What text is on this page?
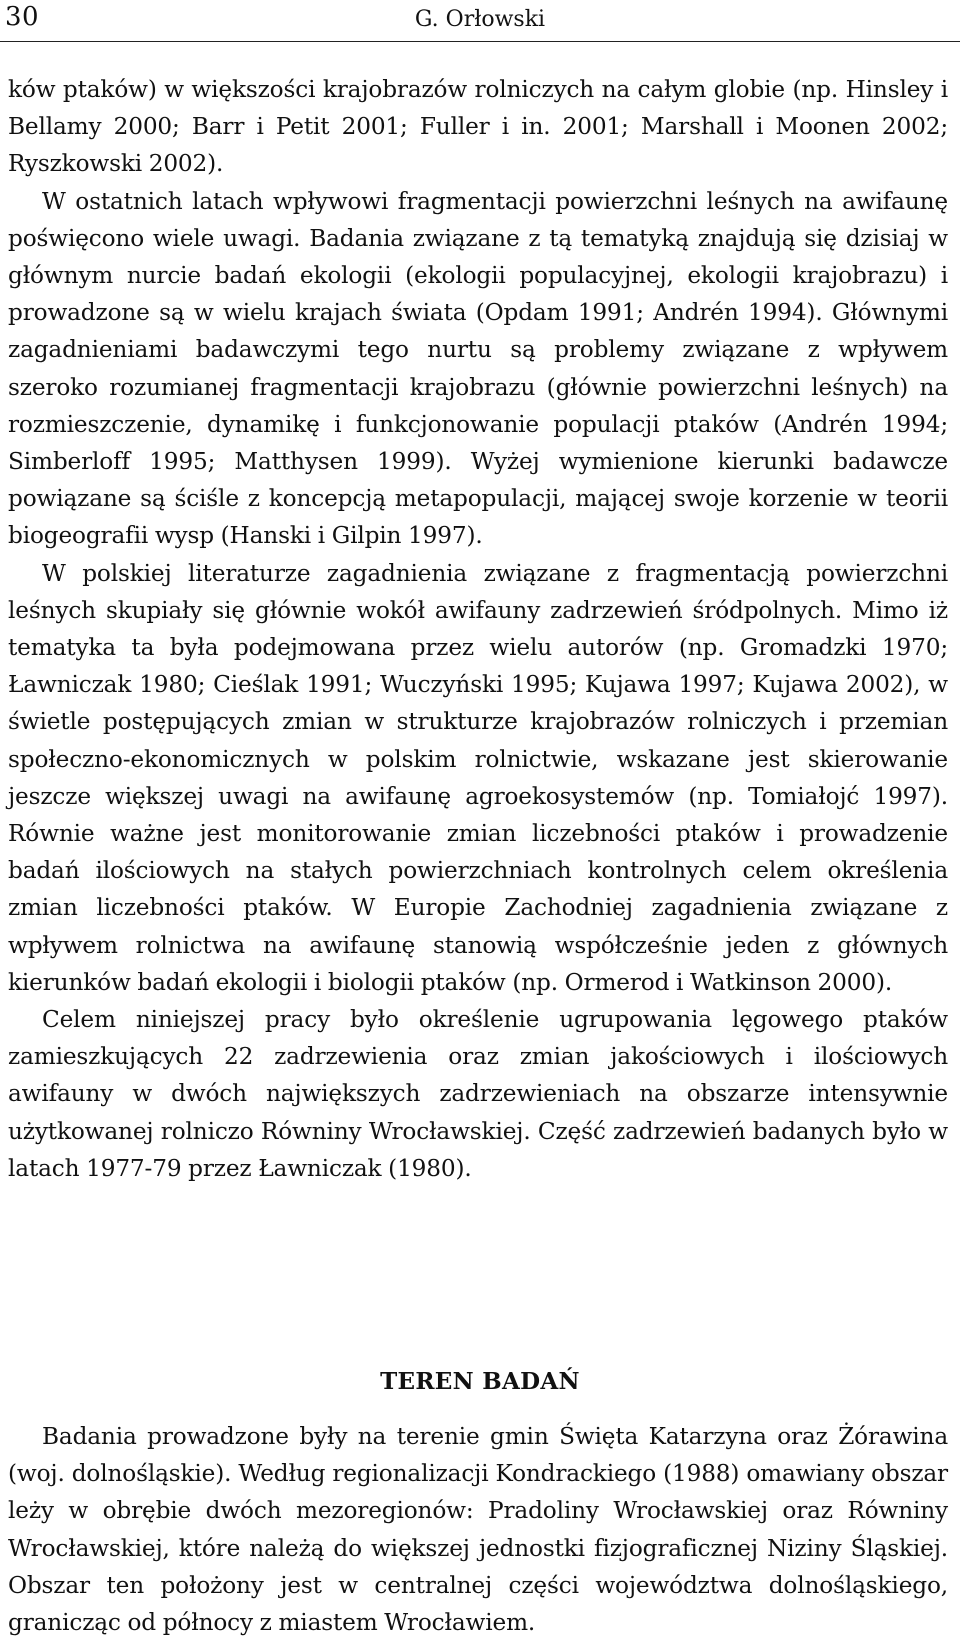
30	G. Orłowski

ków ptaków) w większości krajobrazów rolniczych na całym globie (np. Hinsley i Bellamy 2000; Barr i Petit 2001; Fuller i in. 2001; Marshall i Moonen 2002; Ryszkowski 2002).

W ostatnich latach wpływowi fragmentacji powierzchni leśnych na awifaunę poświęcono wiele uwagi. Badania związane z tą tematyką znajdują się dzisiaj w głównym nurcie badań ekologii (ekologii populacyjnej, ekologii krajobrazu) i prowadzone są w wielu krajach świata (Opdam 1991; Andrén 1994). Głównymi zagadnieniami badawczymi tego nurtu są problemy związane z wpływem szeroko rozumianej fragmentacji krajobrazu (głównie powierzchni leśnych) na rozmieszczenie, dynamikę i funkcjonowanie populacji ptaków (Andrén 1994; Simberloff 1995; Matthysen 1999). Wyżej wymienione kierunki badawcze powiązane są ściśle z koncepcją metapopulacji, mającej swoje korzenie w teorii biogeografii wysp (Hanski i Gilpin 1997).

W polskiej literaturze zagadnienia związane z fragmentacją powierzchni leśnych skupiały się głównie wokół awifauny zadrzewień śródpolnych. Mimo iż tematyka ta była podejmowana przez wielu autorów (np. Gromadzki 1970; Ławniczak 1980; Cieślak 1991; Wuczyński 1995; Kujawa 1997; Kujawa 2002), w świetle postępujących zmian w strukturze krajobrazów rolniczych i przemian społeczno-ekonomicznych w polskim rolnictwie, wskazane jest skierowanie jeszcze większej uwagi na awifaunę agroekosystemów (np. Tomiałojć 1997). Równie ważne jest monitorowanie zmian liczebności ptaków i prowadzenie badań ilościowych na stałych powierzchniach kontrolnych celem określenia zmian liczebności ptaków. W Europie Zachodniej zagadnienia związane z wpływem rolnictwa na awifaunę stanowią współcześnie jeden z głównych kierunków badań ekologii i biologii ptaków (np. Ormerod i Watkinson 2000).

Celem niniejszej pracy było określenie ugrupowania lęgowego ptaków zamieszkujących 22 zadrzewienia oraz zmian jakościowych i ilościowych awifauny w dwóch największych zadrzewieniach na obszarze intensywnie użytkowanej rolniczo Równiny Wrocławskiej. Część zadrzewień badanych było w latach 1977-79 przez Ławniczak (1980).

TEREN BADAŃ

Badania prowadzone były na terenie gmin Święta Katarzyna oraz Żórawina (woj. dolnośląskie). Według regionalizacji Kondrackiego (1988) omawiany obszar leży w obrębie dwóch mezoregionów: Pradoliny Wrocławskiej oraz Równiny Wrocławskiej, które należą do większej jednostki fizjograficznej Niziny Śląskiej. Obszar ten położony jest w centralnej części województwa dolnośląskiego, granicząc od północy z miastem Wrocławiem.
